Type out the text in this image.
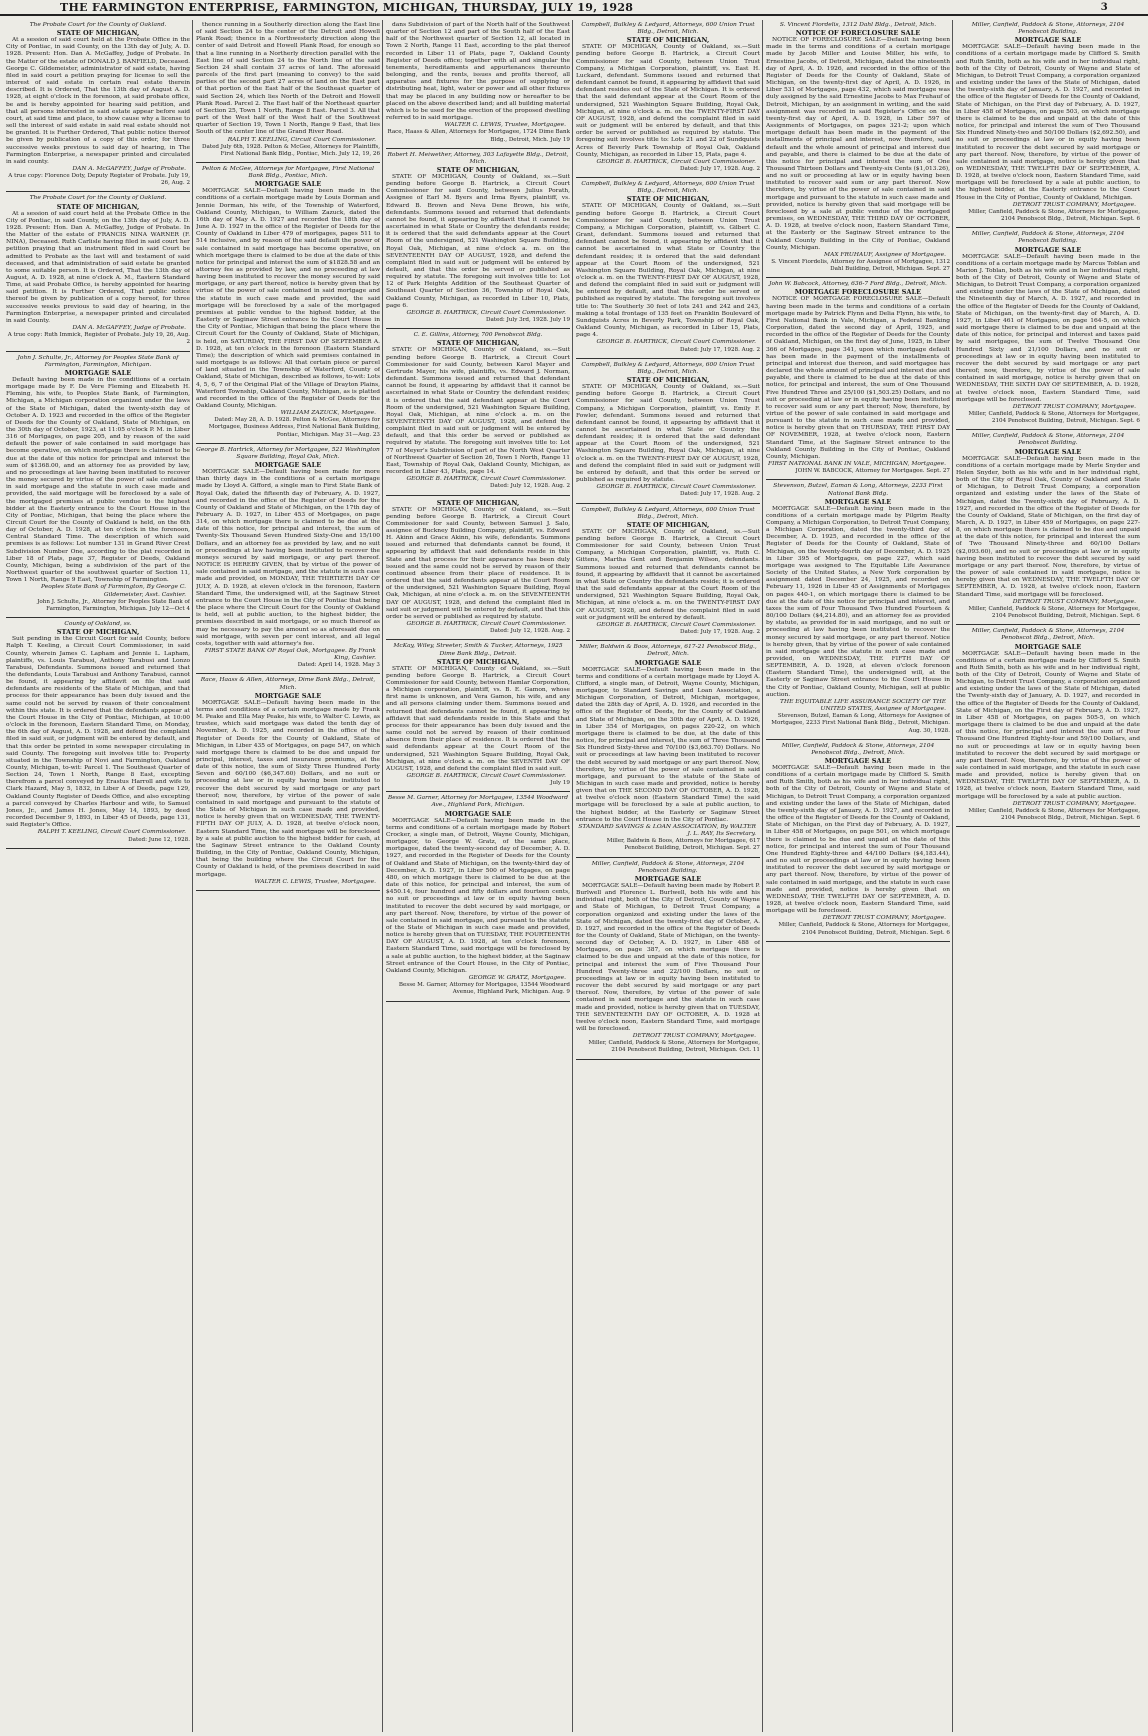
THE FARMINGTON ENTERPRISE, FARMINGTON, MICHIGAN, THURSDAY, JULY 19, 1928	3
The Probate Court for the County of Oakland.
STATE OF MICHIGAN,

At a session of said court held at the Probate Office in the City of Pontiac, in said County, on the 13th day of July, A. D. 1928. Present: Hon. Dan A. McGaffey, Judge of Probate. In the Matter of the estate of DONALD J. BANFIELD, Deceased. George C. Gildemeister, administrator of said estate, having filed in said court a petition praying for license to sell the interest of said estate in certain real estate therein described. It is Ordered, That the 13th day of August A. D. 1928, at eight o'clock in the forenoon, at said probate office, be and is hereby appointed for hearing said petition, and that all persons interested in said estate appear before said court, at said time and place, to show cause why a license to sell the interest of said estate in said real estate should not be granted. It is Further Ordered, That public notice thereof be given by publication of a copy of this order, for three successive weeks previous to said day of hearing, in The Farmington Enterprise, a newspaper printed and circulated in said county.

DAN A. McGAFFEY, Judge of Probate.
A true copy: Florence Doty, Deputy Register of Probate. July 19, 26, Aug. 2
The Probate Court for the County of Oakland.
STATE OF MICHIGAN,

At a session of said court held at the Probate Office in the City of Pontiac, in said County, on the 13th day of July, A. D. 1928. Present: Hon. Dan A. McGaffey, Judge of Probate. In the Matter of the estate of FRANCIS NINA WARNER (F. NINA), Deceased. Ruth Carlisle having filed in said court her petition praying that an instrument filed in said Court be admitted to Probate as the last will and testament of said deceased, and that administration of said estate be granted to some suitable person. It is Ordered, That the 13th day of August, A. D. 1928, at nine o'clock A. M., Eastern Standard Time, at said Probate Office, is hereby appointed for hearing said petition. It is Further Ordered, That public notice thereof be given by publication of a copy hereof, for three successive weeks previous to said day of hearing, in the Farmington Enterprise, a newspaper printed and circulated in said County.

DAN A. McGAFFEY, Judge of Probate.
A true copy: Ruth Immick, Register of Probate. July 19, 26, Aug. 2
John J. Schulte, Jr., Attorney for Peoples State Bank of Farmington, Farmington, Michigan.
MORTGAGE SALE

Default having been made in the conditions of a certain mortgage made by F. De Vere Fleming and Elizabeth H. Fleming, his wife, to Peoples State Bank, of Farmington, Michigan, a Michigan corporation organized under the laws of the State of Michigan, dated the twenty-sixth day of October A. D. 1923 and recorded in the office of the Register of Deeds for the County of Oakland, State of Michigan, on the 30th day of October, 1923, at 11:05 o'clock P. M. in Liber 316 of Mortgages, on page 205, and by reason of the said default the power of sale contained in said mortgage has become operative, on which mortgage there is claimed to be due at the date of this notice for principal and interest the sum of $1368.00, and an attorney fee as provided by law, and no proceedings at law having been instituted to recover the money secured by virtue of the power of sale contained in said mortgage and the statute in such case made and provided, the said mortgage will be foreclosed by a sale of the mortgaged premises at public vendue to the highest bidder at the Easterly entrance to the Court House in the City of Pontiac, Michigan, that being the place where the Circuit Court for the County of Oakland is held, on the 6th day of October, A. D. 1928, at ten o'clock in the forenoon, Central Standard Time. The description of which said premises is as follows: Lot number 131 in Grand River Crest Subdivision Number One, according to the plat recorded in Liber 18 of Plats, page 37, Register of Deeds, Oakland County, Michigan, being a subdivision of the part of the Northwest quarter of the southwest quarter of Section 11, Town 1 North, Range 9 East, Township of Farmington.

Peoples State Bank of Farmington, By George C. Gildemeister, Asst. Cashier.
John J. Schulte, Jr., Attorney for Peoples State Bank of Farmington, Farmington, Michigan. July 12—Oct 4
County of Oakland, ss.
STATE OF MICHIGAN,

Suit pending in the Circuit Court for said County, before Ralph T. Keeling, a Circuit Court Commissioner, in said County, wherein James C. Lapham and Jennie L. Lapham, plaintiffs, vs. Louis Tarabusi, Anthony Tarabusi and Lonzo Tarabusi, Defendants. Summons issued and returned that the defendants, Louis Tarabusi and Anthony Tarabusi, cannot be found, it appearing by affidavit on file that said defendants are residents of the State of Michigan, and that process for their appearance has been duly issued and the same could not be served by reason of their concealment within this state. It is ordered that the defendants appear at the Court House in the City of Pontiac, Michigan, at 10:00 o'clock in the forenoon, Eastern Standard Time, on Monday, the 6th day of August, A. D. 1928, and defend the complaint filed in said suit, or judgment will be entered by default, and that this order be printed in some newspaper circulating in said County. The foregoing suit involves title to: Property situated in the Township of Novi and Farmington, Oakland County, Michigan, to-wit: Parcel 1. The Southeast Quarter of Section 24, Town 1 North, Range 8 East, excepting therefrom a parcel conveyed by Erastus Harroll and wife to Clark Hazard, May 5, 1832, in Liber A of Deeds, page 129, Oakland County Register of Deeds Office, and also excepting a parcel conveyed by Charles Harbour and wife, to Samuel Jones, Jr., and James H. Jones, May 14, 1893, by deed recorded December 9, 1893, in Liber 45 of Deeds, page 131, said Register's Office.

RALPH T. KEELING, Circuit Court Commissioner.
Dated: June 12, 1928.

thence running in a Southerly direction along the East line of said Section 24 to the center of the Detroit and Howell Plank Road; thence in a Northwesterly direction along the center of said Detroit and Howell Plank Road, for enough so that a line running in a Northerly direction parallel with the East line of said Section 24 to the North line of the said Section 24 shall contain 37 acres of land. The aforesaid parcels of the first part (meaning to convey) to the said parties of the second part 27 acres of land on the East part of that portion of the East half of the Southeast quarter of said Section 24, which lies North of the Detroit and Howell Plank Road. Parcel 2. The East half of the Northeast quarter of Section 25, Town 1 North, Range 8 East. Parcel 3. All that part of the West half of the West half of the Southwest quarter of Section 19, Town 1 North, Range 9 East, that lies South of the center line of the Grand River Road.

RALPH T. KEELING, Circuit Court Commissioner.
Dated July 6th, 1928. Pelton & McGee, Attorneys for Plaintiffs, First National Bank Bldg., Pontiac, Mich. July 12, 19, 26
Pelton & McGee, Attorneys for Mortgagee, First National Bank Bldg., Pontiac, Mich.
MORTGAGE SALE

MORTGAGE SALE—Default having been made in the conditions of a certain mortgage made by Louis Dorman and Jennie Dorman, his wife, of the Township of Waterford, Oakland County, Michigan, to William Zazuck, dated the 16th day of May A. D. 1927 and recorded the 18th day of June A. D. 1927 in the office of the Register of Deeds for the County of Oakland in Liber 479 of mortgages, pages 511 to 514 inclusive, and by reason of the said default the power of sale contained in said mortgage has become operative, on which mortgage there is claimed to be due at the date of this notice for principal and interest the sum of $1828.58 and an attorney fee as provided by law, and no proceeding at law having been instituted to recover the money secured by said mortgage, or any part thereof, notice is hereby given that by virtue of the power of sale contained in said mortgage and the statute in such case made and provided, the said mortgage will be foreclosed by a sale of the mortgaged premises at public vendue to the highest bidder, at the Easterly or Saginaw Street entrance to the Court House in the City of Pontiac, Michigan that being the place where the Circuit Court for the County of Oakland, State of Michigan, is held, on SATURDAY, THE FIRST DAY OF SEPTEMBER A. D. 1928, at ten o'clock in the forenoon (Eastern Standard Time); the description of which said premises contained in said mortgage is as follows: All that certain piece or parcel of land situated in the Township of Waterford, County of Oakland, State of Michigan, described as follows, to-wit: Lots 4, 5, 6, 7 of the Original Plat of the Village of Drayton Plains, Waterford Township, Oakland County, Michigan, as is platted and recorded in the office of the Register of Deeds for the Oakland County, Michigan.

WILLIAM ZAZUCK, Mortgagee.
Dated: May 28, A. D. 1928. Pelton & McGee, Attorneys for Mortgagee, Business Address, First National Bank Building, Pontiac, Michigan. May 31—Aug. 23
George B. Hartrick, Attorney for Mortgagee, 521 Washington Square Building, Royal Oak, Mich.
MORTGAGE SALE

MORTGAGE SALE—Default having been made for more than thirty days in the conditions of a certain mortgage made by Lloyd A. Gifford, a single man to First State Bank of Royal Oak, dated the fifteenth day of February, A. D. 1927, and recorded in the office of the Register of Deeds for the County of Oakland and State of Michigan, on the 17th day of February A. D. 1927, in Liber 453 of Mortgages, on page 314, on which mortgage there is claimed to be due at the date of this notice, for principal and interest, the sum of Twenty-Six Thousand Seven Hundred Sixty-One and 15/100 Dollars, and an attorney fee as provided by law, and no suit or proceedings at law having been instituted to recover the moneys secured by said mortgage, or any part thereof. NOTICE IS HEREBY GIVEN, that by virtue of the power of sale contained in said mortgage, and the statute in such case made and provided, on MONDAY, THE THIRTIETH DAY OF JULY, A. D. 1928, at eleven o'clock in the forenoon, Eastern Standard Time, the undersigned will, at the Saginaw Street entrance to the Court House in the City of Pontiac that being the place where the Circuit Court for the County of Oakland is held, sell at public auction, to the highest bidder, the premises described in said mortgage, or so much thereof as may be necessary to pay the amount so as aforesaid due on said mortgage, with seven per cent interest, and all legal costs, together with said attorney's fee.

FIRST STATE BANK OF Royal Oak, Mortgagee. By Frank King, Cashier.
Dated: April 14, 1928. May 3
Race, Haass & Allen, Attorneys, Dime Bank Bldg., Detroit, Mich.
MORTGAGE SALE

MORTGAGE SALE—Default having been made in the terms and conditions of a certain mortgage made by Frank M. Peake and Ella May Peake, his wife, to Walter C. Lewis, as trustee, which said mortgage was dated the tenth day of November, A. D. 1925, and recorded in the office of the Register of Deeds for the County of Oakland, State of Michigan, in Liber 435 of Mortgages, on page 547, on which said mortgage there is claimed to be due and unpaid for principal, interest, taxes and insurance premiums, at the date of this notice, the sum of Sixty Three Hundred Forty Seven and 60/100 ($6,347.60) Dollars, and no suit or proceeding at law or in equity having been instituted to recover the debt secured by said mortgage or any part thereof; now, therefore, by virtue of the power of sale contained in said mortgage and pursuant to the statute of the State of Michigan in such case made and provided, notice is hereby given that on WEDNESDAY, THE TWENTY-FIFTH DAY OF JULY, A. D. 1928, at twelve o'clock noon, Eastern Standard Time, the said mortgage will be foreclosed by a sale at public auction to the highest bidder for cash, at the Saginaw Street entrance to the Oakland County Building, in the City of Pontiac, Oakland County, Michigan, that being the building where the Circuit Court for the County of Oakland is held, of the premises described in said mortgage.

WALTER C. LEWIS, Trustee, Mortgagee.

dans Subdivision of part of the North half of the Southwest quarter of Section 12 and part of the South half of the East half of the Northwest quarter of Section 12, all located in Town 2 North, Range 11 East, according to the plat thereof recorded in Liber 11 of Plats, page 7, Oakland County Register of Deeds office; together with all and singular the tenements, hereditaments and appurtenances thereunto belonging, and the rents, issues and profits thereof, all apparatus and fixtures for the purpose of supplying or distributing heat, light, water or power and all other fixtures that may be placed in any building now or hereafter to be placed on the above described land; and all building material which is to be used for the erection of the proposed dwelling referred to in said mortgage.

WALTER C. LEWIS, Trustee, Mortgagee.
Race, Haass & Allen, Attorneys for Mortgagee, 1724 Dime Bank Bldg., Detroit, Mich. July 19
Robert H. Meiwether, Attorney, 303 Lafayette Bldg., Detroit, Mich.
STATE OF MICHIGAN,

STATE OF MICHIGAN, County of Oakland, ss.—Suit pending before George B. Hartrick, a Circuit Court Commissioner for said County, between Julius Porath, Assignee of Earl M. Byers and Irma Byers, plaintiff, vs. Edward B. Brown and Neva Dene Brown, his wife, defendants. Summons issued and returned that defendants cannot be found, it appearing by affidavit that it cannot be ascertained in what State or Country the defendants reside; it is ordered that the said defendants appear at the Court Room of the undersigned, 521 Washington Square Building, Royal Oak, Michigan, at nine o'clock a. m. on the SEVENTEENTH DAY OF AUGUST, 1928, and defend the complaint filed in said suit or judgment will be entered by default, and that this order be served or published as required by statute. The foregoing suit involves title to: Lot 12 of Park Heights Addition of the Southeast Quarter of Southeast Quarter of Section 36, Township of Royal Oak, Oakland County, Michigan, as recorded in Liber 10, Plats, page 6.

GEORGE B. HARTRICK, Circuit Court Commissioner.
Dated: July 3rd, 1928. July 19
C. E. Gillins, Attorney, 700 Penobscot Bldg.
STATE OF MICHIGAN,

STATE OF MICHIGAN, County of Oakland, ss.—Suit pending before George B. Hartrick, a Circuit Court Commissioner for said County, between Karol Mayer and Gertrude Mayer, his wife, plaintiffs, vs. Edward J. Norman, defendant. Summons issued and returned that defendant cannot be found, it appearing by affidavit that it cannot be ascertained in what State or Country the defendant resides; it is ordered that the said defendant appear at the Court Room of the undersigned, 521 Washington Square Building, Royal Oak, Michigan, at nine o'clock a. m. on the SEVENTEENTH DAY OF AUGUST, 1928, and defend the complaint filed in said suit or judgment will be entered by default, and that this order be served or published as required by statute. The foregoing suit involves title to: Lot 77 of Meyer's Subdivision of part of the North West Quarter of Northwest Quarter of Section 26, Town 1 North, Range 11 East, Township of Royal Oak, Oakland County, Michigan, as recorded in Liber 43, Plats, page 14.

GEORGE B. HARTRICK, Circuit Court Commissioner.
Dated: July 12, 1928. Aug. 2
STATE OF MICHIGAN,

STATE OF MICHIGAN, County of Oakland, ss.—Suit pending before George B. Hartrick, a Circuit Court Commissioner for said County, between Samuel J. Salo, assignee of Buckney Building Company, plaintiff, vs. Edward H. Akinn and Grace Akinn, his wife, defendants. Summons issued and returned that defendants cannot be found, it appearing by affidavit that said defendants reside in this State and that process for their appearance has been duly issued and the same could not be served by reason of their continued absence from their place of residence. It is ordered that the said defendants appear at the Court Room of the undersigned, 521 Washington Square Building, Royal Oak, Michigan, at nine o'clock a. m. on the SEVENTEENTH DAY OF AUGUST, 1928, and defend the complaint filed in said suit or judgment will be entered by default, and that this order be served or published as required by statute.

GEORGE B. HARTRICK, Circuit Court Commissioner.
Dated: July 12, 1928. Aug. 2
McKay, Wiley, Streeter, Smith & Tucker, Attorneys, 1925 Dime Bank Bldg., Detroit.
STATE OF MICHIGAN,

STATE OF MICHIGAN, County of Oakland, ss.—Suit pending before George B. Hartrick, a Circuit Court Commissioner for said County, between Hamlar Corporation, a Michigan corporation, plaintiff, vs. B. E. Gamon, whose first name is unknown, and Vera Gamon, his wife, and any and all persons claiming under them. Summons issued and returned that defendants cannot be found, it appearing by affidavit that said defendants reside in this State and that process for their appearance has been duly issued and the same could not be served by reason of their continued absence from their place of residence. It is ordered that the said defendants appear at the Court Room of the undersigned, 521 Washington Square Building, Royal Oak, Michigan, at nine o'clock a. m. on the SEVENTH DAY OF AUGUST, 1928, and defend the complaint filed in said suit.

GEORGE B. HARTRICK, Circuit Court Commissioner.
July 19
Besse M. Garner, Attorney for Mortgagee, 13544 Woodward Ave., Highland Park, Michigan.
MORTGAGE SALE

MORTGAGE SALE—Default having been made in the terms and conditions of a certain mortgage made by Robert Crocker, a single man, of Detroit, Wayne County, Michigan, mortgagor, to George W. Gratz, of the same place, mortgagee, dated the twenty-second day of December, A. D. 1927, and recorded in the Register of Deeds for the County of Oakland and State of Michigan, on the twenty-third day of December, A. D. 1927, in Liber 500 of Mortgages, on page 480, on which mortgage there is claimed to be due at the date of this notice, for principal and interest, the sum of $450.14, four hundred and fifty dollars and fourteen cents, no suit or proceedings at law or in equity having been instituted to recover the debt secured by said mortgage, or any part thereof. Now, therefore, by virtue of the power of sale contained in said mortgage, and pursuant to the statute of the State of Michigan in such case made and provided, notice is hereby given that on TUESDAY, THE FOURTEENTH DAY OF AUGUST, A. D. 1928, at ten o'clock forenoon, Eastern Standard Time, said mortgage will be foreclosed by a sale at public auction, to the highest bidder, at the Saginaw Street entrance of the Court House, in the City of Pontiac, Oakland County, Michigan.

GEORGE W. GRATZ, Mortgagee.
Besse M. Garner, Attorney for Mortgagee, 13544 Woodward Avenue, Highland Park, Michigan. Aug. 9
Campbell, Bulkley & Ledyard, Attorneys, 600 Union Trust Bldg., Detroit, Mich.
STATE OF MICHIGAN,

STATE OF MICHIGAN, County of Oakland, ss.—Suit pending before George B. Hartrick, a Circuit Court Commissioner for said County, between Union Trust Company, a Michigan Corporation, plaintiff, vs. East H. Luckard, defendant. Summons issued and returned that defendant cannot be found, it appearing by affidavit that said defendant resides out of the State of Michigan. It is ordered that the said defendant appear at the Court Room of the undersigned, 521 Washington Square Building, Royal Oak, Michigan, at nine o'clock a. m. on the TWENTY-FIRST DAY OF AUGUST, 1928, and defend the complaint filed in said suit or judgment will be entered by default, and that this order be served or published as required by statute. The foregoing suit involves title to: Lots 21 and 22 of Sundquists Acres of Beverly Park Township of Royal Oak, Oakland County, Michigan, as recorded in Liber 15, Plats, page 4.

GEORGE B. HARTRICK, Circuit Court Commissioner.
Dated: July 17, 1928. Aug. 2
Campbell, Bulkley & Ledyard, Attorneys, 600 Union Trust Bldg., Detroit, Mich.
STATE OF MICHIGAN,

STATE OF MICHIGAN, County of Oakland, ss.—Suit pending before George B. Hartrick, a Circuit Court Commissioner for said County, between Union Trust Company, a Michigan Corporation, plaintiff, vs. Gilbert C. Grant, defendant. Summons issued and returned that defendant cannot be found, it appearing by affidavit that it cannot be ascertained in what State or Country the defendant resides; it is ordered that the said defendant appear at the Court Room of the undersigned, 521 Washington Square Building, Royal Oak, Michigan, at nine o'clock a. m. on the TWENTY-FIRST DAY OF AUGUST, 1928, and defend the complaint filed in said suit or judgment will be entered by default, and that this order be served or published as required by statute. The foregoing suit involves title to: The Southerly 30 feet of lots 241 and 242 and 243, making a total frontage of 135 feet on Franklin Boulevard of Sundquists Acres in Beverly Park, Township of Royal Oak, Oakland County, Michigan, as recorded in Liber 15, Plats, page 4.

GEORGE B. HARTRICK, Circuit Court Commissioner.
Dated: July 17, 1928. Aug. 2
Campbell, Bulkley & Ledyard, Attorneys, 600 Union Trust Bldg., Detroit, Mich.
STATE OF MICHIGAN,

STATE OF MICHIGAN, County of Oakland, ss.—Suit pending before George B. Hartrick, a Circuit Court Commissioner for said County, between Union Trust Company, a Michigan Corporation, plaintiff, vs. Emily F. Fowler, defendant. Summons issued and returned that defendant cannot be found, it appearing by affidavit that it cannot be ascertained in what State or Country the defendant resides; it is ordered that the said defendant appear at the Court Room of the undersigned, 521 Washington Square Building, Royal Oak, Michigan, at nine o'clock a. m. on the TWENTY-FIRST DAY OF AUGUST, 1928, and defend the complaint filed in said suit or judgment will be entered by default, and that this order be served or published as required by statute.

GEORGE B. HARTRICK, Circuit Court Commissioner.
Dated: July 17, 1928. Aug. 2
Campbell, Bulkley & Ledyard, Attorneys, 600 Union Trust Bldg., Detroit, Mich.
STATE OF MICHIGAN,

STATE OF MICHIGAN, County of Oakland, ss.—Suit pending before George B. Hartrick, a Circuit Court Commissioner for said County, between Union Trust Company, a Michigan Corporation, plaintiff, vs. Ruth C. Gittens, Martha Gent and Benjamin Wilson, defendants. Summons issued and returned that defendants cannot be found, it appearing by affidavit that it cannot be ascertained in what State or Country the defendants reside; it is ordered that the said defendants appear at the Court Room of the undersigned, 521 Washington Square Building, Royal Oak, Michigan, at nine o'clock a. m. on the TWENTY-FIRST DAY OF AUGUST, 1928, and defend the complaint filed in said suit or judgment will be entered by default.

GEORGE B. HARTRICK, Circuit Court Commissioner.
Dated: July 17, 1928. Aug. 2
Miller, Baldwin & Boos, Attorneys, 617-21 Penobscot Bldg., Detroit, Mich.
MORTGAGE SALE

MORTGAGE SALE—Default having been made in the terms and conditions of a certain mortgage made by Lloyd A. Clifford, a single man, of Detroit, Wayne County, Michigan, mortgagor, to Standard Savings and Loan Association, a Michigan Corporation, of Detroit, Michigan, mortgagee, dated the 28th day of April, A. D. 1926, and recorded in the office of the Register of Deeds, for the County of Oakland and State of Michigan, on the 30th day of April, A. D. 1926, in Liber 354 of Mortgages, on pages 220-22, on which mortgage there is claimed to be due, at the date of this notice, for principal and interest, the sum of Three Thousand Six Hundred Sixty-three and 70/100 ($3,663.70) Dollars. No suit or proceedings at law having been instituted to recover the debt secured by said mortgage or any part thereof. Now, therefore, by virtue of the power of sale contained in said mortgage, and pursuant to the statute of the State of Michigan in such case made and provided, notice is hereby given that on THE SECOND DAY OF OCTOBER, A. D. 1928, at twelve o'clock noon (Eastern Standard Time) the said mortgage will be foreclosed by a sale at public auction, to the highest bidder, at the Easterly or Saginaw Street entrance to the Court House in the City of Pontiac.

STANDARD SAVINGS & LOAN ASSOCIATION, By WALTER J. L. RAY, Its Secretary.
Miller, Baldwin & Boos, Attorneys for Mortgagee, 617 Penobscot Building, Detroit, Michigan. Sept. 27
Miller, Canfield, Paddock & Stone, Attorneys, 2104 Penobscot Building.
MORTGAGE SALE

MORTGAGE SALE—Default having been made by Robert P. Burlwell and Florence L. Burlwell, both his wife and his individual right, both of the City of Detroit, County of Wayne and State of Michigan, to Detroit Trust Company, a corporation organized and existing under the laws of the State of Michigan, dated the twenty-first day of October, A. D. 1927, and recorded in the office of the Register of Deeds for the County of Oakland, State of Michigan, on the twenty-second day of October, A. D. 1927, in Liber 488 of Mortgages, on page 387, on which mortgage there is claimed to be due and unpaid at the date of this notice, for principal and interest the sum of Five Thousand Four Hundred Twenty-three and 22/100 Dollars, no suit or proceedings at law or in equity having been instituted to recover the debt secured by said mortgage or any part thereof. Now, therefore, by virtue of the power of sale contained in said mortgage and the statute in such case made and provided, notice is hereby given that on TUESDAY, THE SEVENTEENTH DAY OF OCTOBER, A. D. 1928 at twelve o'clock noon, Eastern Standard Time, said mortgage will be foreclosed.

DETROIT TRUST COMPANY, Mortgagee.
Miller, Canfield, Paddock & Stone, Attorneys for Mortgagee, 2104 Penobscot Building, Detroit, Michigan. Oct. 11
S. Vincent Fiordelis, 1312 Dahl Bldg., Detroit, Mich.
NOTICE OF FORECLOSURE SALE

NOTICE OF FORECLOSURE SALE—Default having been made in the terms and conditions of a certain mortgage made by Jacob Miller and Louise Miller, his wife, to Ernestine Jacobs, of Detroit, Michigan, dated the nineteenth day of April, A. D. 1926, and recorded in the office of the Register of Deeds for the County of Oakland, State of Michigan, on the twenty-first day of April, A. D. 1926, in Liber 531 of Mortgages, page 432, which said mortgage was duly assigned by the said Ernestine Jacobs to Max Fruhauf of Detroit, Michigan, by an assignment in writing, and the said assignment was recorded in said Register's Office on the twenty-first day of April, A. D. 1928, in Liber 597 of Assignments of Mortgages, on pages 321-2; upon which mortgage default has been made in the payment of the installments of principal and interest, now therefore, said default and the whole amount of principal and interest due and payable, and there is claimed to be due at the date of this notice for principal and interest the sum of One Thousand Thirteen Dollars and Twenty-six Cents ($1,013.26), and no suit or proceeding at law or in equity having been instituted to recover said sum or any part thereof. Now therefore, by virtue of the power of sale contained in said mortgage and pursuant to the statute in such case made and provided, notice is hereby given that said mortgage will be foreclosed by a sale at public vendue of the mortgaged premises, on WEDNESDAY, THE THIRD DAY OF OCTOBER, A. D. 1928, at twelve o'clock noon, Eastern Standard Time, at the Easterly or the Saginaw Street entrance to the Oakland County Building in the City of Pontiac, Oakland County, Michigan.

MAX FRUHAUF, Assignee of Mortgagee.
S. Vincent Fiordelis, Attorney for Assignee of Mortgagee, 1312 Dahl Building, Detroit, Michigan. Sept. 27
John W. Babcock, Attorney, 636-7 Ford Bldg., Detroit, Mich.
MORTGAGE FORECLOSURE SALE

NOTICE OF MORTGAGE FORECLOSURE SALE—Default having been made in the terms and conditions of a certain mortgage made by Patrick Flynn and Delia Flynn, his wife, to First National Bank in Vale, Michigan, a Federal Banking Corporation, dated the second day of April, 1925, and recorded in the office of the Register of Deeds for the County of Oakland, Michigan, on the first day of June, 1925, in Liber 366 of Mortgages, page 341, upon which mortgage default has been made in the payment of the installments of principal and interest due thereon, and said mortgagee has declared the whole amount of principal and interest due and payable, and there is claimed to be due at the date of this notice, for principal and interest, the sum of One Thousand Five Hundred Three and 25/100 ($1,503.25) Dollars, and no suit or proceeding at law or in equity having been instituted to recover said sum or any part thereof; Now, therefore, by virtue of the power of sale contained in said mortgage and pursuant to the statute in such case made and provided, notice is hereby given that on THURSDAY, THE FIRST DAY OF NOVEMBER, 1928, at twelve o'clock noon, Eastern Standard Time, at the Saginaw Street entrance to the Oakland County Building in the City of Pontiac, Oakland County, Michigan.

FIRST NATIONAL BANK IN VALE, MICHIGAN, Mortgagee.
JOHN W. BABCOCK, Attorney for Mortgagee. Sept. 27
Stevenson, Butzel, Eaman & Long, Attorneys, 2233 First National Bank Bldg.
MORTGAGE SALE

MORTGAGE SALE—Default having been made in the conditions of a certain mortgage made by Pilgrim Realty Company, a Michigan Corporation, to Detroit Trust Company, a Michigan Corporation, dated the twenty-third day of December, A. D. 1925, and recorded in the office of the Register of Deeds for the County of Oakland, State of Michigan, on the twenty-fourth day of December, A. D. 1925 in Liber 395 of Mortgages, on page 227, which said mortgage was assigned to The Equitable Life Assurance Society of the United States, a New York corporation by assignment dated December 24, 1925, and recorded on February 11, 1926 in Liber 45 of Assignments of Mortgages on pages 440-1, on which mortgage there is claimed to be due at the date of this notice for principal and interest, and taxes the sum of Four Thousand Two Hundred Fourteen & 80/100 Dollars ($4,214.80), and an attorney fee as provided by statute, as provided for in said mortgage, and no suit or proceeding at law having been instituted to recover the money secured by said mortgage, or any part thereof. Notice is hereby given, that by virtue of the power of sale contained in said mortgage and the statute in such case made and provided, on WEDNESDAY, THE FIFTH DAY OF SEPTEMBER, A. D. 1928, at eleven o'clock forenoon (Eastern Standard Time), the undersigned will, at the Easterly or Saginaw Street entrance to the Court House in the City of Pontiac, Oakland County, Michigan, sell at public auction.

THE EQUITABLE LIFE ASSURANCE SOCIETY OF THE UNITED STATES, Assignee of Mortgagee.
Stevenson, Butzel, Eaman & Long, Attorneys for Assignee of Mortgagee, 2233 First National Bank Bldg., Detroit, Michigan. Aug. 30, 1928.
Miller, Canfield, Paddock & Stone, Attorneys, 2104 Penobscot Bldg., Detroit, Mich.
MORTGAGE SALE

MORTGAGE SALE—Default having been made in the conditions of a certain mortgage made by Clifford S. Smith and Ruth Smith, both as his wife and in her individual right, both of the City of Detroit, County of Wayne and State of Michigan, to Detroit Trust Company, a corporation organized and existing under the laws of the State of Michigan, dated the twenty-sixth day of January, A. D. 1927, and recorded in the office of the Register of Deeds for the County of Oakland, State of Michigan, on the First day of February, A. D. 1927, in Liber 458 of Mortgages, on page 501, on which mortgage there is claimed to be due and unpaid at the date of this notice, for principal and interest the sum of Four Thousand One Hundred Eighty-three and 44/100 Dollars ($4,183.44), and no suit or proceedings at law or in equity having been instituted to recover the debt secured by said mortgage or any part thereof. Now, therefore, by virtue of the power of sale contained in said mortgage, and the statute in such case made and provided, notice is hereby given that on WEDNESDAY, THE TWELFTH DAY OF SEPTEMBER, A. D. 1928, at twelve o'clock noon, Eastern Standard Time, said mortgage will be foreclosed.

DETROIT TRUST COMPANY, Mortgagee.
Miller, Canfield, Paddock & Stone, Attorneys for Mortgagee, 2104 Penobscot Building, Detroit, Michigan. Sept. 6
Miller, Canfield, Paddock & Stone, Attorneys, 2104 Penobscot Building.
MORTGAGE SALE

MORTGAGE SALE—Default having been made in the conditions of a certain mortgage made by Clifford S. Smith and Ruth Smith, both as his wife and in her individual right, both of the City of Detroit, County of Wayne and State of Michigan, to Detroit Trust Company, a corporation organized and existing under the laws of the State of Michigan, dated the twenty-sixth day of January, A. D. 1927, and recorded in the office of the Register of Deeds for the County of Oakland, State of Michigan, on the First day of February, A. D. 1927, in Liber 458 of Mortgages, on page 503, on which mortgage there is claimed to be due and unpaid at the date of this notice, for principal and interest the sum of Two Thousand Six Hundred Ninety-two and 50/100 Dollars ($2,692.50), and no suit or proceedings at law or in equity having been instituted to recover the debt secured by said mortgage or any part thereof. Now, therefore, by virtue of the power of sale contained in said mortgage, notice is hereby given that on WEDNESDAY, THE TWELFTH DAY OF SEPTEMBER, A. D. 1928, at twelve o'clock noon, Eastern Standard Time, said mortgage will be foreclosed by a sale at public auction, to the highest bidder, at the Easterly entrance to the Court House in the City of Pontiac, County of Oakland, Michigan.

DETROIT TRUST COMPANY, Mortgagee.
Miller, Canfield, Paddock & Stone, Attorneys for Mortgagee, 2104 Penobscot Bldg., Detroit, Michigan. Sept. 6
Miller, Canfield, Paddock & Stone, Attorneys, 2104 Penobscot Building.
MORTGAGE SALE

MORTGAGE SALE—Default having been made in the conditions of a certain mortgage made by Marcus Toblan and Marion J. Toblan, both as his wife and in her individual right, both of the City of Detroit, County of Wayne and State of Michigan, to Detroit Trust Company, a corporation organized and existing under the laws of the State of Michigan, dated the Nineteenth day of March, A. D. 1927, and recorded in the office of the Register of Deeds for the County of Oakland, State of Michigan, on the twenty-first day of March, A. D. 1927, in Liber 461 of Mortgages, on page 164-5, on which said mortgage there is claimed to be due and unpaid at the date of this notice, for principal and interest and taxes paid by said mortgagee, the sum of Twelve Thousand One Hundred Sixty and 21/100 Dollars, and no suit or proceedings at law or in equity having been instituted to recover the debt secured by said mortgage or any part thereof; now, therefore, by virtue of the power of sale contained in said mortgage, notice is hereby given that on WEDNESDAY, THE SIXTH DAY OF SEPTEMBER, A. D. 1928, at twelve o'clock noon, Eastern Standard Time, said mortgage will be foreclosed.

DETROIT TRUST COMPANY, Mortgagee.
Miller, Canfield, Paddock & Stone, Attorneys for Mortgagee, 2104 Penobscot Building, Detroit, Michigan. Sept. 6
Miller, Canfield, Paddock & Stone, Attorneys, 2104 Penobscot Building.
MORTGAGE SALE

MORTGAGE SALE—Default having been made in the conditions of a certain mortgage made by Merle Snyder and Helen Snyder, both as his wife and in her individual right, both of the City of Royal Oak, County of Oakland and State of Michigan, to Detroit Trust Company, a corporation organized and existing under the laws of the State of Michigan, dated the Twenty-sixth day of February, A. D. 1927, and recorded in the office of the Register of Deeds for the County of Oakland, State of Michigan, on the first day of March, A. D. 1927, in Liber 459 of Mortgages, on page 227-8, on which mortgage there is claimed to be due and unpaid at the date of this notice, for principal and interest the sum of Two Thousand Ninety-three and 60/100 Dollars ($2,093.60), and no suit or proceedings at law or in equity having been instituted to recover the debt secured by said mortgage or any part thereof. Now, therefore, by virtue of the power of sale contained in said mortgage, notice is hereby given that on WEDNESDAY, THE TWELFTH DAY OF SEPTEMBER, A. D. 1928, at twelve o'clock noon, Eastern Standard Time, said mortgage will be foreclosed.

DETROIT TRUST COMPANY, Mortgagee.
Miller, Canfield, Paddock & Stone, Attorneys for Mortgagee, 2104 Penobscot Building, Detroit, Michigan. Sept. 6
Miller, Canfield, Paddock & Stone, Attorneys, 2104 Penobscot Bldg., Detroit, Mich.
MORTGAGE SALE

MORTGAGE SALE—Default having been made in the conditions of a certain mortgage made by Clifford S. Smith and Ruth Smith, both as his wife and in her individual right, both of the City of Detroit, County of Wayne and State of Michigan, to Detroit Trust Company, a corporation organized and existing under the laws of the State of Michigan, dated the Twenty-sixth day of January, A. D. 1927, and recorded in the office of the Register of Deeds for the County of Oakland, State of Michigan, on the First day of February, A. D. 1927, in Liber 458 of Mortgages, on pages 505-5, on which mortgage there is claimed to be due and unpaid at the date of this notice, for principal and interest the sum of Four Thousand One Hundred Eighty-four and 59/100 Dollars, and no suit or proceedings at law or in equity having been instituted to recover the debt secured by said mortgage or any part thereof. Now, therefore, by virtue of the power of sale contained in said mortgage, and the statute in such case made and provided, notice is hereby given that on WEDNESDAY, THE TWELFTH DAY OF SEPTEMBER, A. D. 1928, at twelve o'clock noon, Eastern Standard Time, said mortgage will be foreclosed by a sale at public auction.

DETROIT TRUST COMPANY, Mortgagee.
Miller, Canfield, Paddock & Stone, Attorneys for Mortgagee, 2104 Penobscot Bldg., Detroit, Michigan. Sept. 6
